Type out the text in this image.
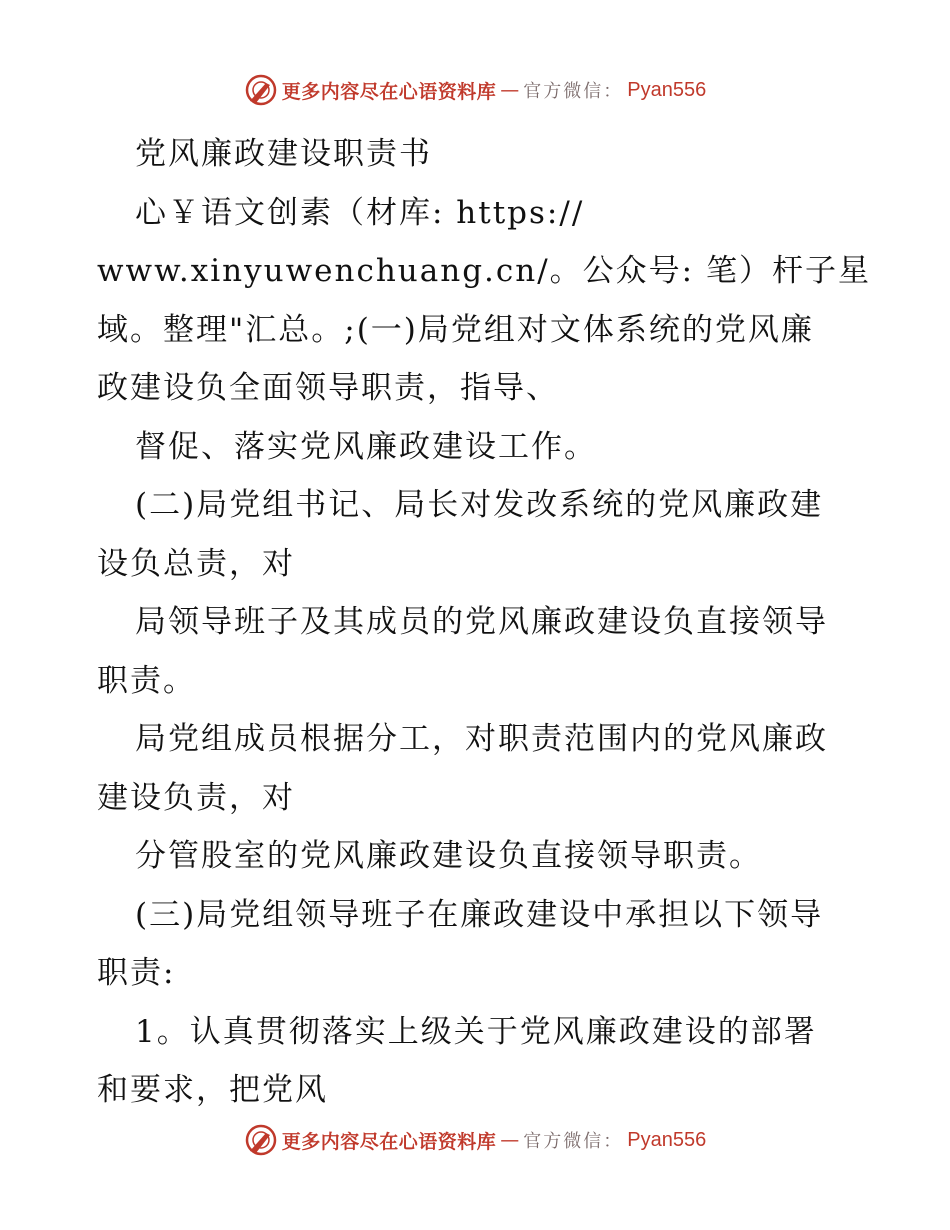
更多内容尽在心语资料库 — 官方微信： Pyan556
党风廉政建设职责书
心￥语文创素（材库: https://
www.xinyuwenchuang.cn/。公众号: 笔）杆子星
域。整理"汇总。;(一)局党组对文体系统的党风廉
政建设负全面领导职责，指导、
督促、落实党风廉政建设工作。
(二)局党组书记、局长对发改系统的党风廉政建
设负总责，对
局领导班子及其成员的党风廉政建设负直接领导
职责。
局党组成员根据分工，对职责范围内的党风廉政
建设负责，对
分管股室的党风廉政建设负直接领导职责。
(三)局党组领导班子在廉政建设中承担以下领导
职责:
1。认真贯彻落实上级关于党风廉政建设的部署
和要求，把党风
更多内容尽在心语资料库 — 官方微信： Pyan556
